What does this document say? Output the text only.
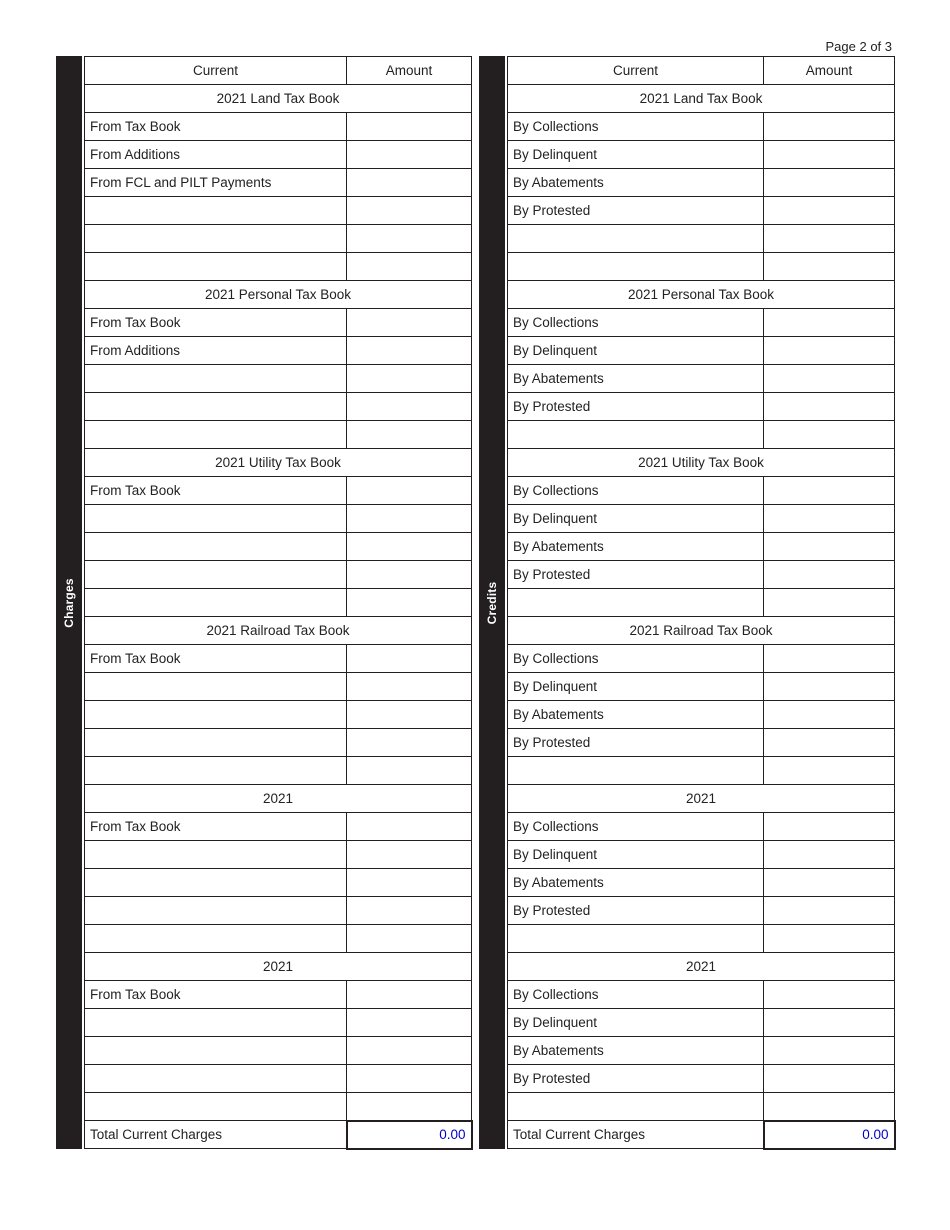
Page 2 of 3
Charges
Current	Amount
2021 Land Tax Book	
From Tax Book	
From Additions	
From FCL and PILT Payments	

2021 Personal Tax Book	
From Tax Book	
From Additions	

2021 Utility Tax Book	
From Tax Book	

2021 Railroad Tax Book	
From Tax Book	

2021	
From Tax Book	

2021	
From Tax Book	

Total Current Charges	0.00
Credits
Current	Amount
2021 Land Tax Book	
By Collections	
By Delinquent	
By Abatements	
By Protested	

2021 Personal Tax Book	
By Collections	
By Delinquent	
By Abatements	
By Protested	

2021 Utility Tax Book	
By Collections	
By Delinquent	
By Abatements	
By Protested	

2021 Railroad Tax Book	
By Collections	
By Delinquent	
By Abatements	
By Protested	

2021	
By Collections	
By Delinquent	
By Abatements	
By Protested	

2021	
By Collections	
By Delinquent	
By Abatements	
By Protested	

Total Current Charges	0.00
